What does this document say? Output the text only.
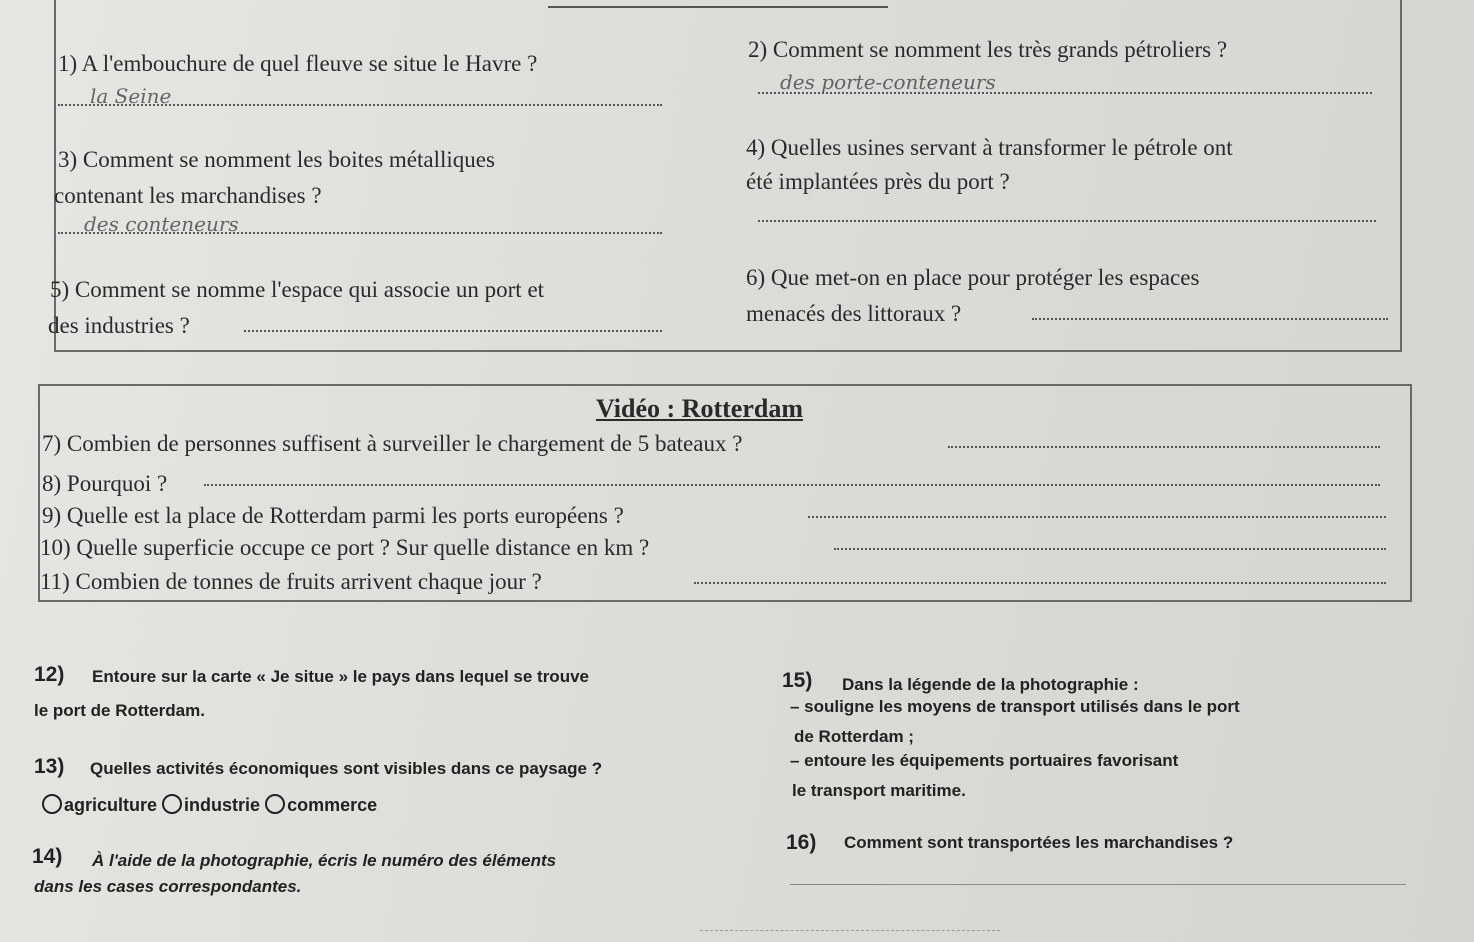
1) A l'embouchure de quel fleuve se situe le Havre ?
la Seine
2) Comment se nomment les très grands pétroliers ?
des porte-conteneurs
3) Comment se nomment les boites métalliques
contenant les marchandises ?
des conteneurs
4) Quelles usines servant à transformer le pétrole ont
été implantées près du port ?
5) Comment se nomme l'espace qui associe un port et
des industries ?
6) Que met-on en place pour protéger les espaces
menacés des littoraux ?
Vidéo : Rotterdam
7) Combien de personnes suffisent à surveiller le chargement de 5 bateaux ?
8) Pourquoi ?
9) Quelle est la place de Rotterdam parmi les ports européens ?
10) Quelle superficie occupe ce port ? Sur quelle distance en km ?
11) Combien de tonnes de fruits arrivent chaque jour ?
12) Entoure sur la carte « Je situe » le pays dans lequel se trouve
le port de Rotterdam.
13) Quelles activités économiques sont visibles dans ce paysage ?
agriculture industrie commerce
14) À l'aide de la photographie, écris le numéro des éléments
dans les cases correspondantes.
15) Dans la légende de la photographie :
– souligne les moyens de transport utilisés dans le port
de Rotterdam ;
– entoure les équipements portuaires favorisant
le transport maritime.
16) Comment sont transportées les marchandises ?
